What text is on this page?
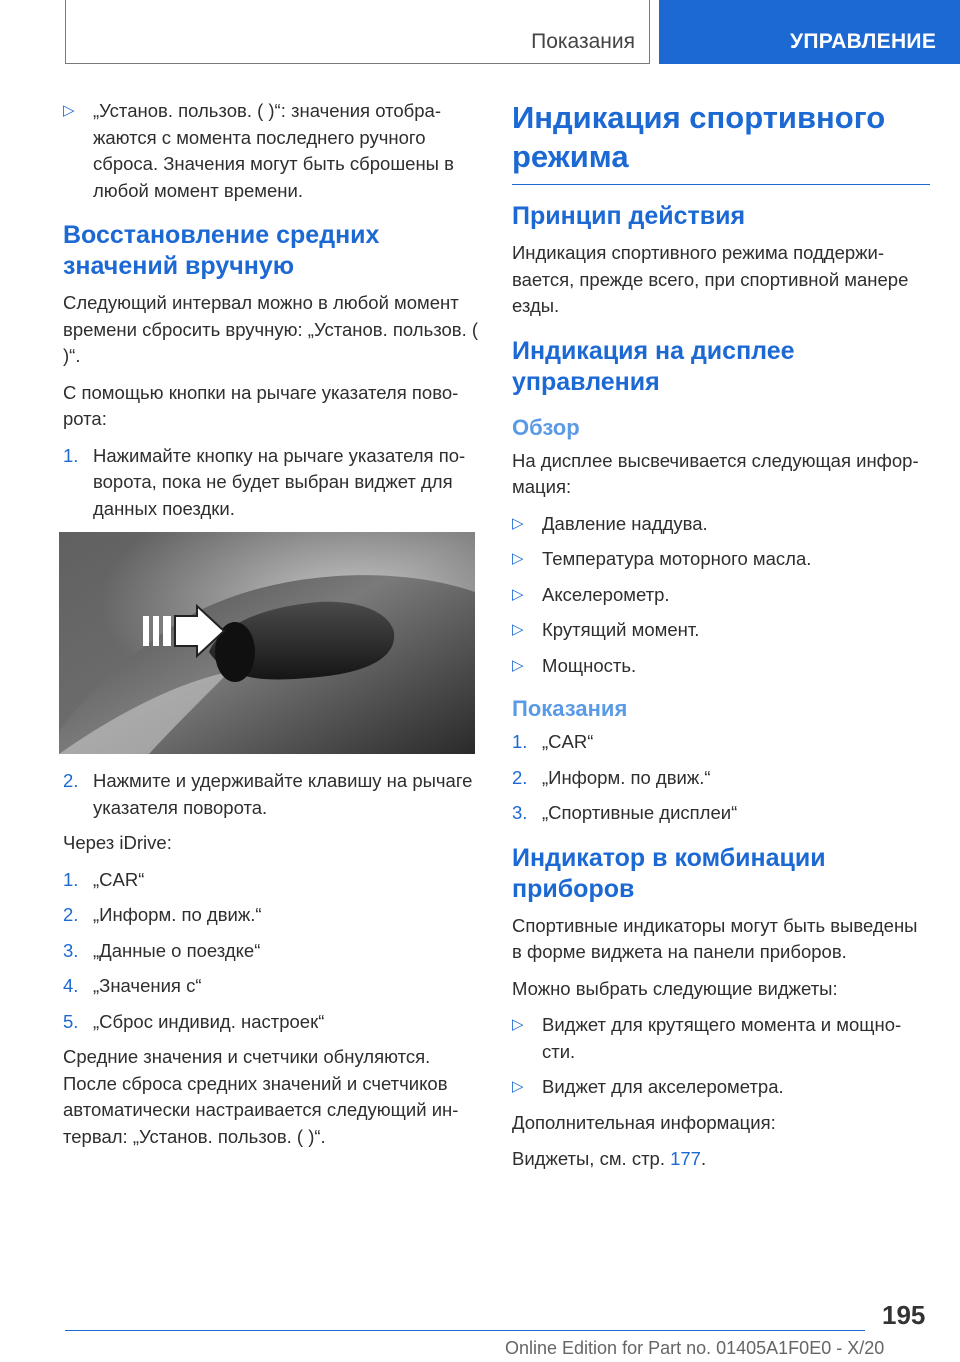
Показания	УПРАВЛЕНИЕ
▷ „Установ. пользов. ( )“: значения отобра-жаются с момента последнего ручного сброса. Значения могут быть сброшены в любой момент времени.
Восстановление средних значений вручную

Следующий интервал можно в любой момент времени сбросить вручную: „Установ. пользов. ( )“.

С помощью кнопки на рычаге указателя пово-рота:

1. Нажимайте кнопку на рычаге указателя по-ворота, пока не будет выбран виджет для данных поездки.
2. Нажмите и удерживайте клавишу на рычаге указателя поворота.

Через iDrive:

1. „CAR“
2. „Информ. по движ.“
3. „Данные о поездке“
4. „Значения с“
5. „Сброс индивид. настроек“

Средние значения и счетчики обнуляются. После сброса средних значений и счетчиков автоматически настраивается следующий ин-тервал: „Установ. пользов. ( )“.

Индикация спортивного режима
Принцип действия

Индикация спортивного режима поддержи-вается, прежде всего, при спортивной манере езды.

Индикация на дисплее управления
Обзор

На дисплее высвечивается следующая инфор-мация:

▷ Давление наддува.
▷ Температура моторного масла.
▷ Акселерометр.
▷ Крутящий момент.
▷ Мощность.
Показания
1. „CAR“
2. „Информ. по движ.“
3. „Спортивные дисплеи“
Индикатор в комбинации приборов

Спортивные индикаторы могут быть выведены в форме виджета на панели приборов.

Можно выбрать следующие виджеты:

▷ Виджет для крутящего момента и мощно-сти.
▷ Виджет для акселерометра.

Дополнительная информация:

Виджеты, см. стр. 177.

195
Online Edition for Part no. 01405A1F0E0 - X/20
